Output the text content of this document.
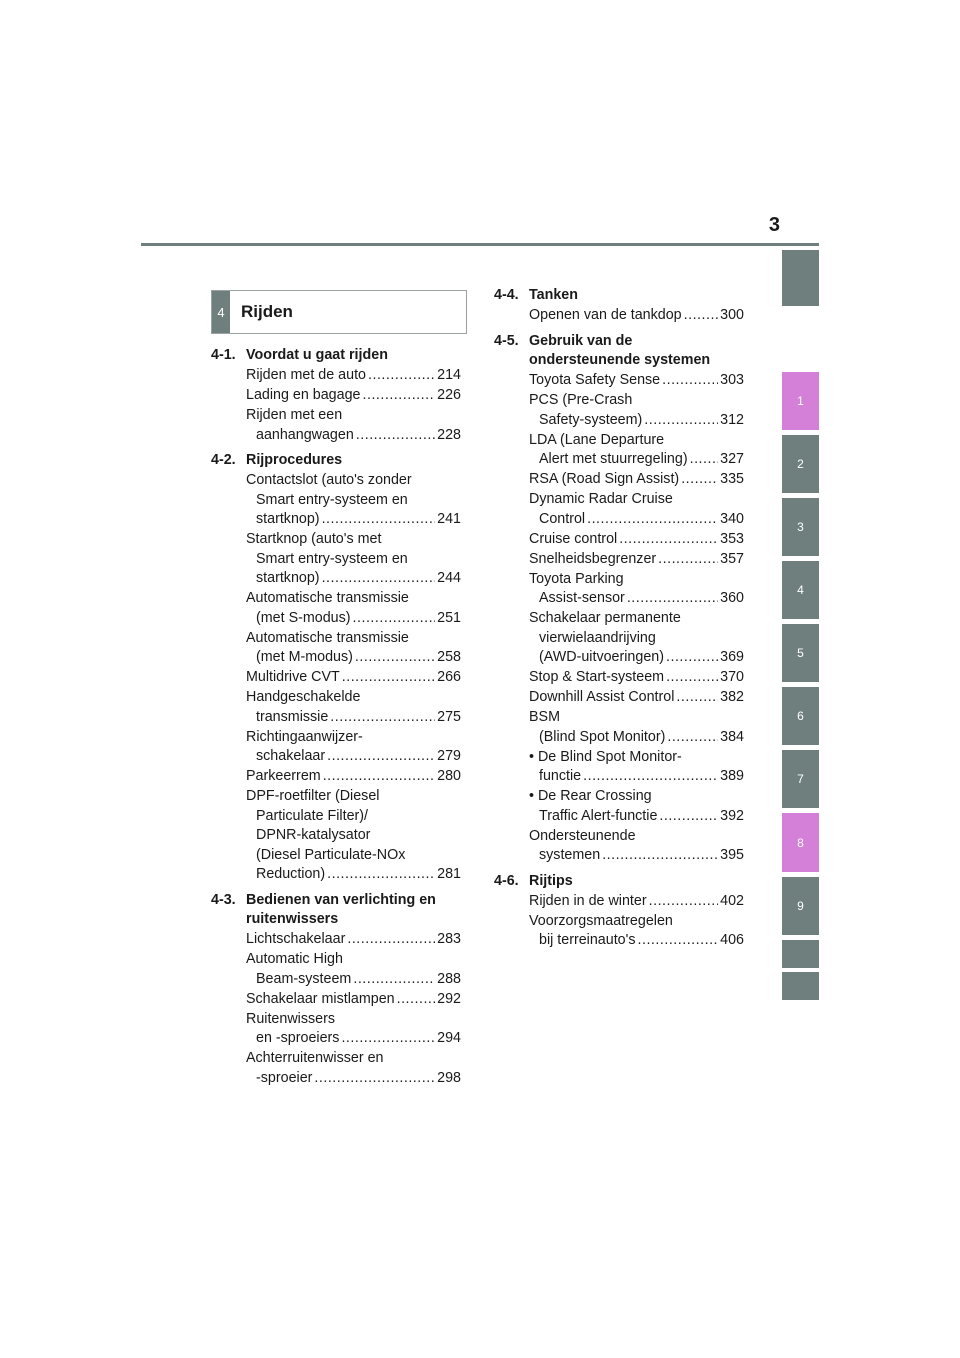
3
1
2
3
4
5
6
7
8
9
4 Rijden
4-1. Voordat u gaat rijden
Rijden met de auto .....	214
Lading en bagage .....	226
Rijden met een
aanhangwagen .....	228
4-2. Rijprocedures
Contactslot (auto's zonder
Smart entry-systeem en
startknop) .....	241
Startknop (auto's met
Smart entry-systeem en
startknop) .....	244
Automatische transmissie
(met S-modus) .....	251
Automatische transmissie
(met M-modus) .....	258
Multidrive CVT .....	266
Handgeschakelde
transmissie .....	275
Richtingaanwijzer-
schakelaar .....	279
Parkeerrem .....	280
DPF-roetfilter (Diesel
Particulate Filter)/
DPNR-katalysator
(Diesel Particulate-NOx
Reduction) .....	281
4-3. Bedienen van verlichting en ruitenwissers
Lichtschakelaar .....	283
Automatic High
Beam-systeem .....	288
Schakelaar mistlampen .....	292
Ruitenwissers
en -sproeiers .....	294
Achterruitenwisser en
-sproeier .....	298
4-4. Tanken
Openen van de tankdop .....	300
4-5. Gebruik van de ondersteunende systemen
Toyota Safety Sense .....	303
PCS (Pre-Crash
Safety-systeem) .....	312
LDA (Lane Departure
Alert met stuurregeling) ..... 327
RSA (Road Sign Assist) .....	335
Dynamic Radar Cruise
Control .....	340
Cruise control .....	353
Snelheidsbegrenzer .....	357
Toyota Parking
Assist-sensor .....	360
Schakelaar permanente
vierwielaandrijving
(AWD-uitvoeringen) .....	369
Stop & Start-systeem .....	370
Downhill Assist Control .....	382
BSM
(Blind Spot Monitor) .....	384
• De Blind Spot Monitor-
functie .....	389
• De Rear Crossing
Traffic Alert-functie .....	392
Ondersteunende
systemen .....	395
4-6. Rijtips
Rijden in de winter .....	402
Voorzorgsmaatregelen
bij terreinauto's .....	406
